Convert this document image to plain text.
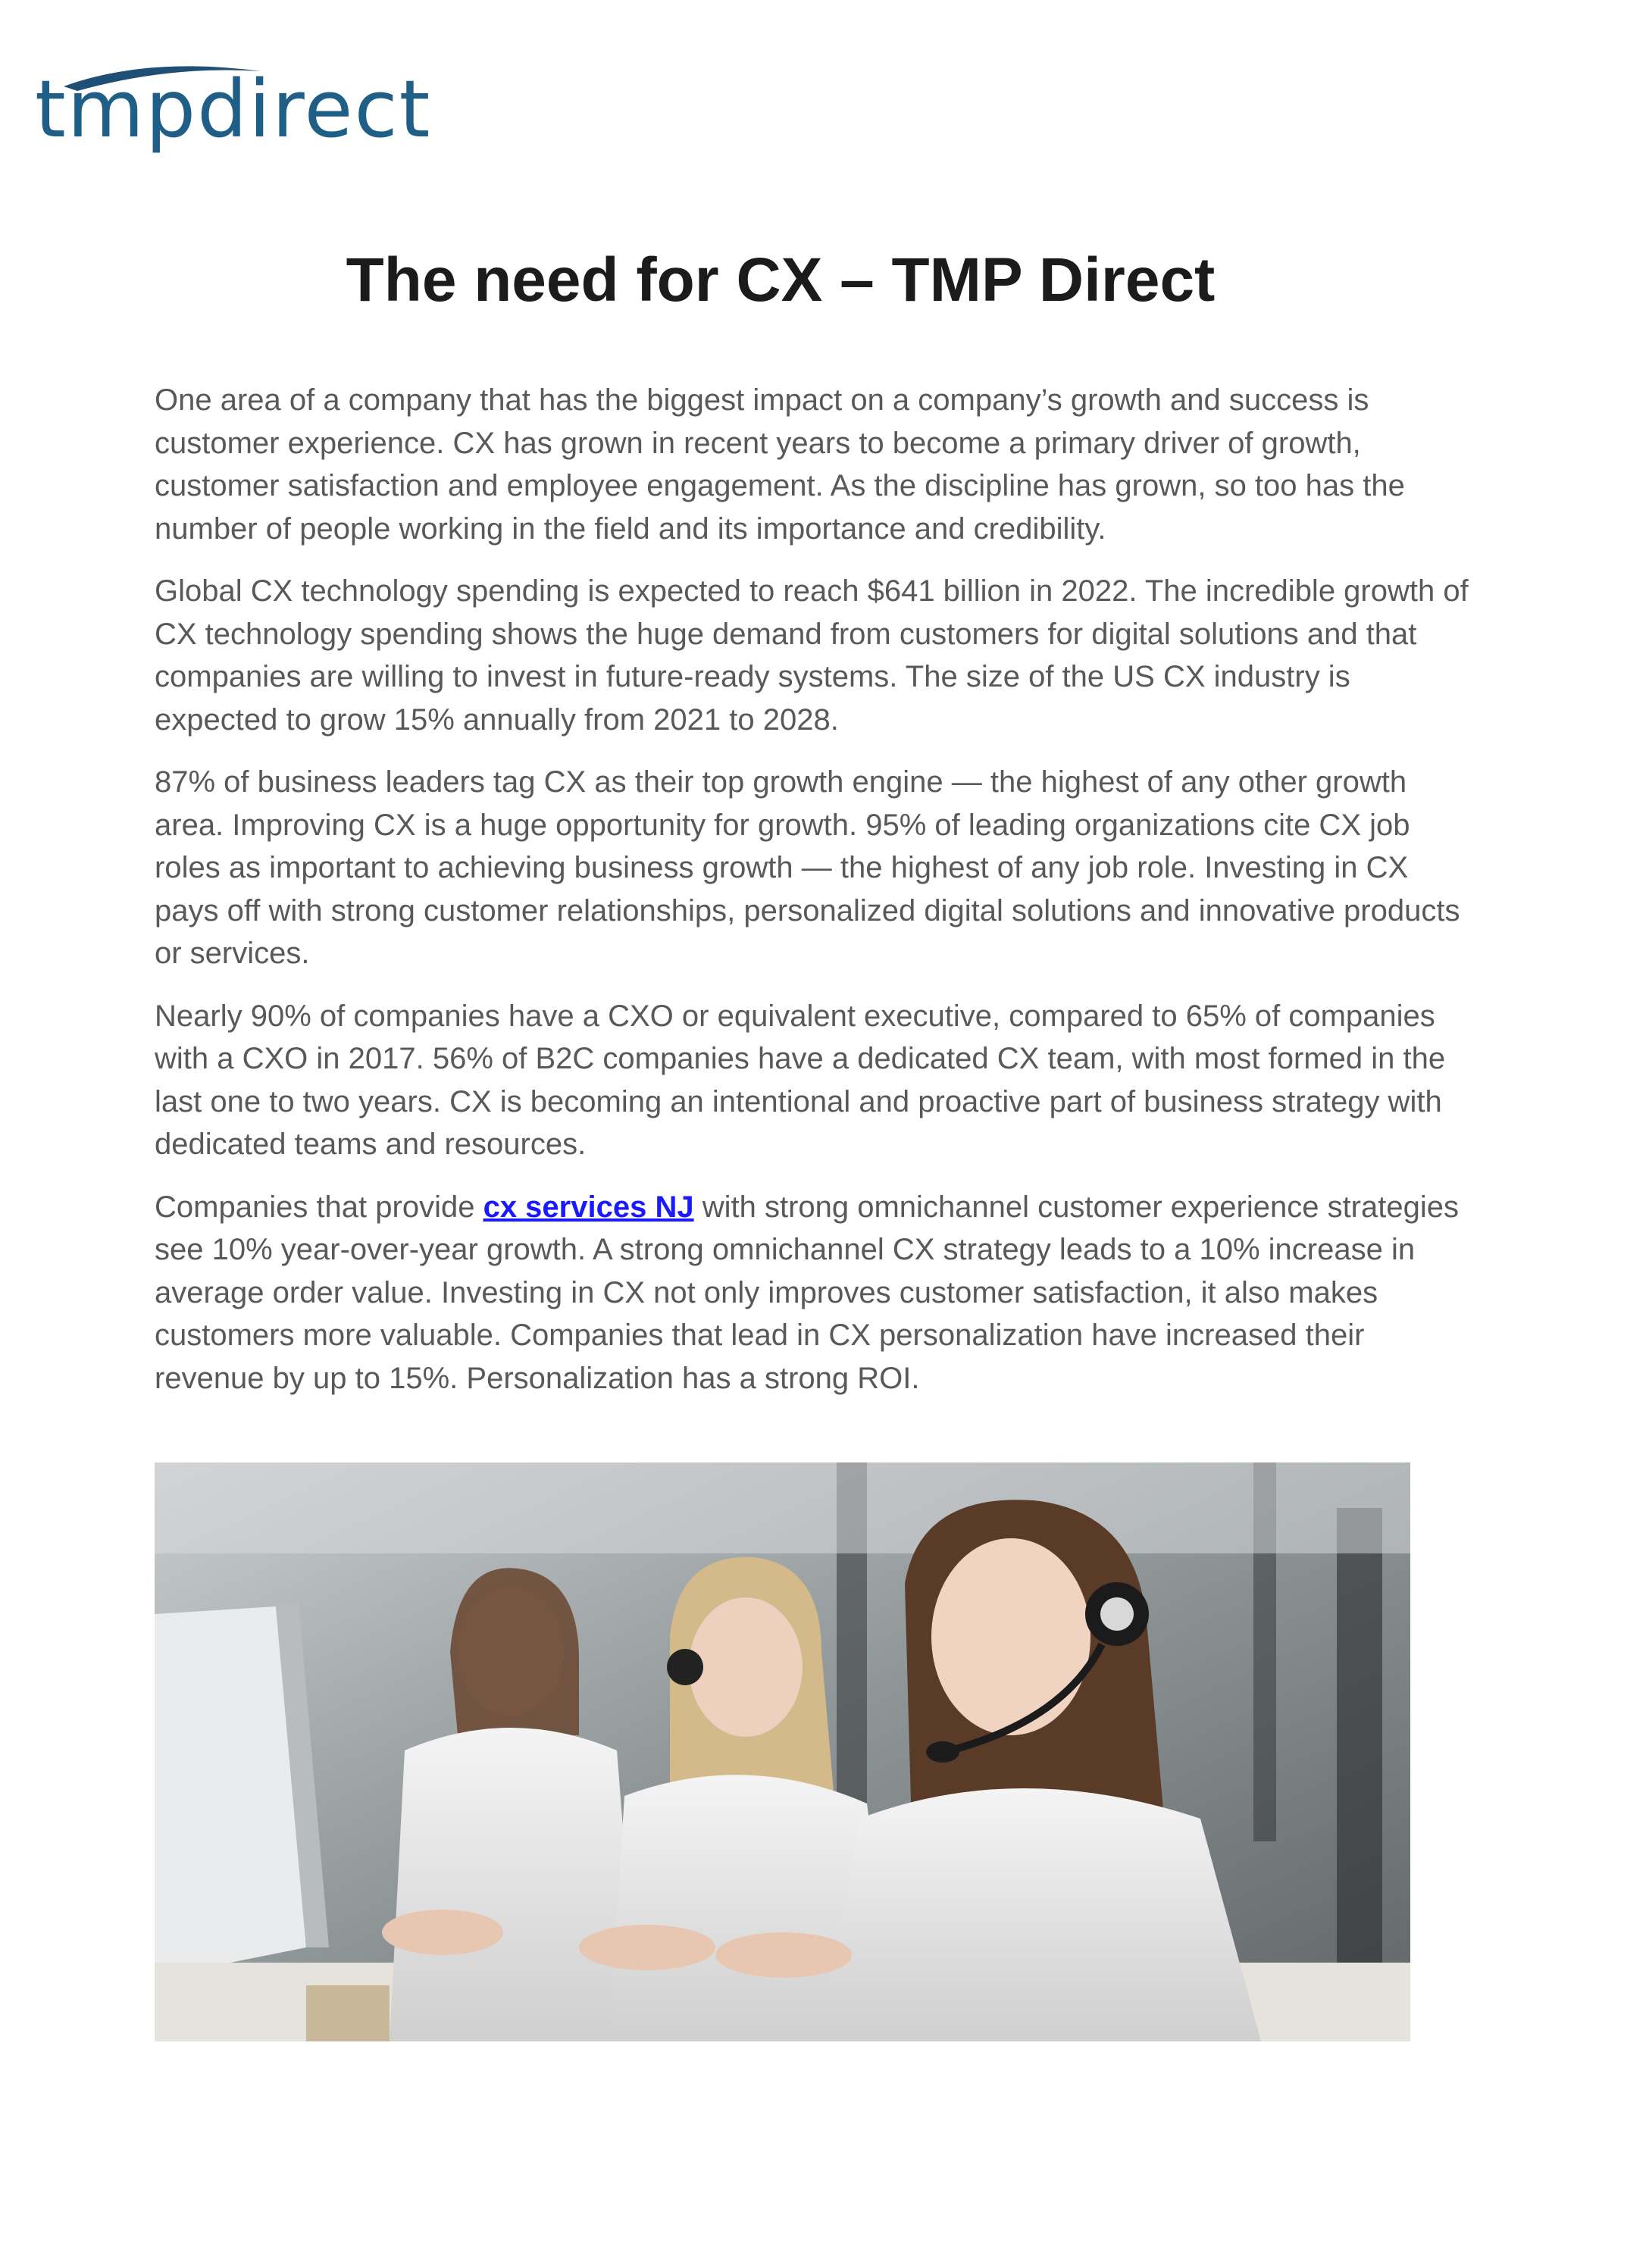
tmpdirect
The need for CX – TMP Direct

One area of a company that has the biggest impact on a company’s growth and success is customer experience. CX has grown in recent years to become a primary driver of growth, customer satisfaction and employee engagement. As the discipline has grown, so too has the number of people working in the field and its importance and credibility.

Global CX technology spending is expected to reach $641 billion in 2022. The incredible growth of CX technology spending shows the huge demand from customers for digital solutions and that companies are willing to invest in future-ready systems. The size of the US CX industry is expected to grow 15% annually from 2021 to 2028.

87% of business leaders tag CX as their top growth engine — the highest of any other growth area. Improving CX is a huge opportunity for growth. 95% of leading organizations cite CX job roles as important to achieving business growth — the highest of any job role. Investing in CX pays off with strong customer relationships, personalized digital solutions and innovative products or services.

Nearly 90% of companies have a CXO or equivalent executive, compared to 65% of companies with a CXO in 2017. 56% of B2C companies have a dedicated CX team, with most formed in the last one to two years. CX is becoming an intentional and proactive part of business strategy with dedicated teams and resources.

Companies that provide cx services NJ with strong omnichannel customer experience strategies see 10% year-over-year growth. A strong omnichannel CX strategy leads to a 10% increase in average order value. Investing in CX not only improves customer satisfaction, it also makes customers more valuable. Companies that lead in CX personalization have increased their revenue by up to 15%. Personalization has a strong ROI.
